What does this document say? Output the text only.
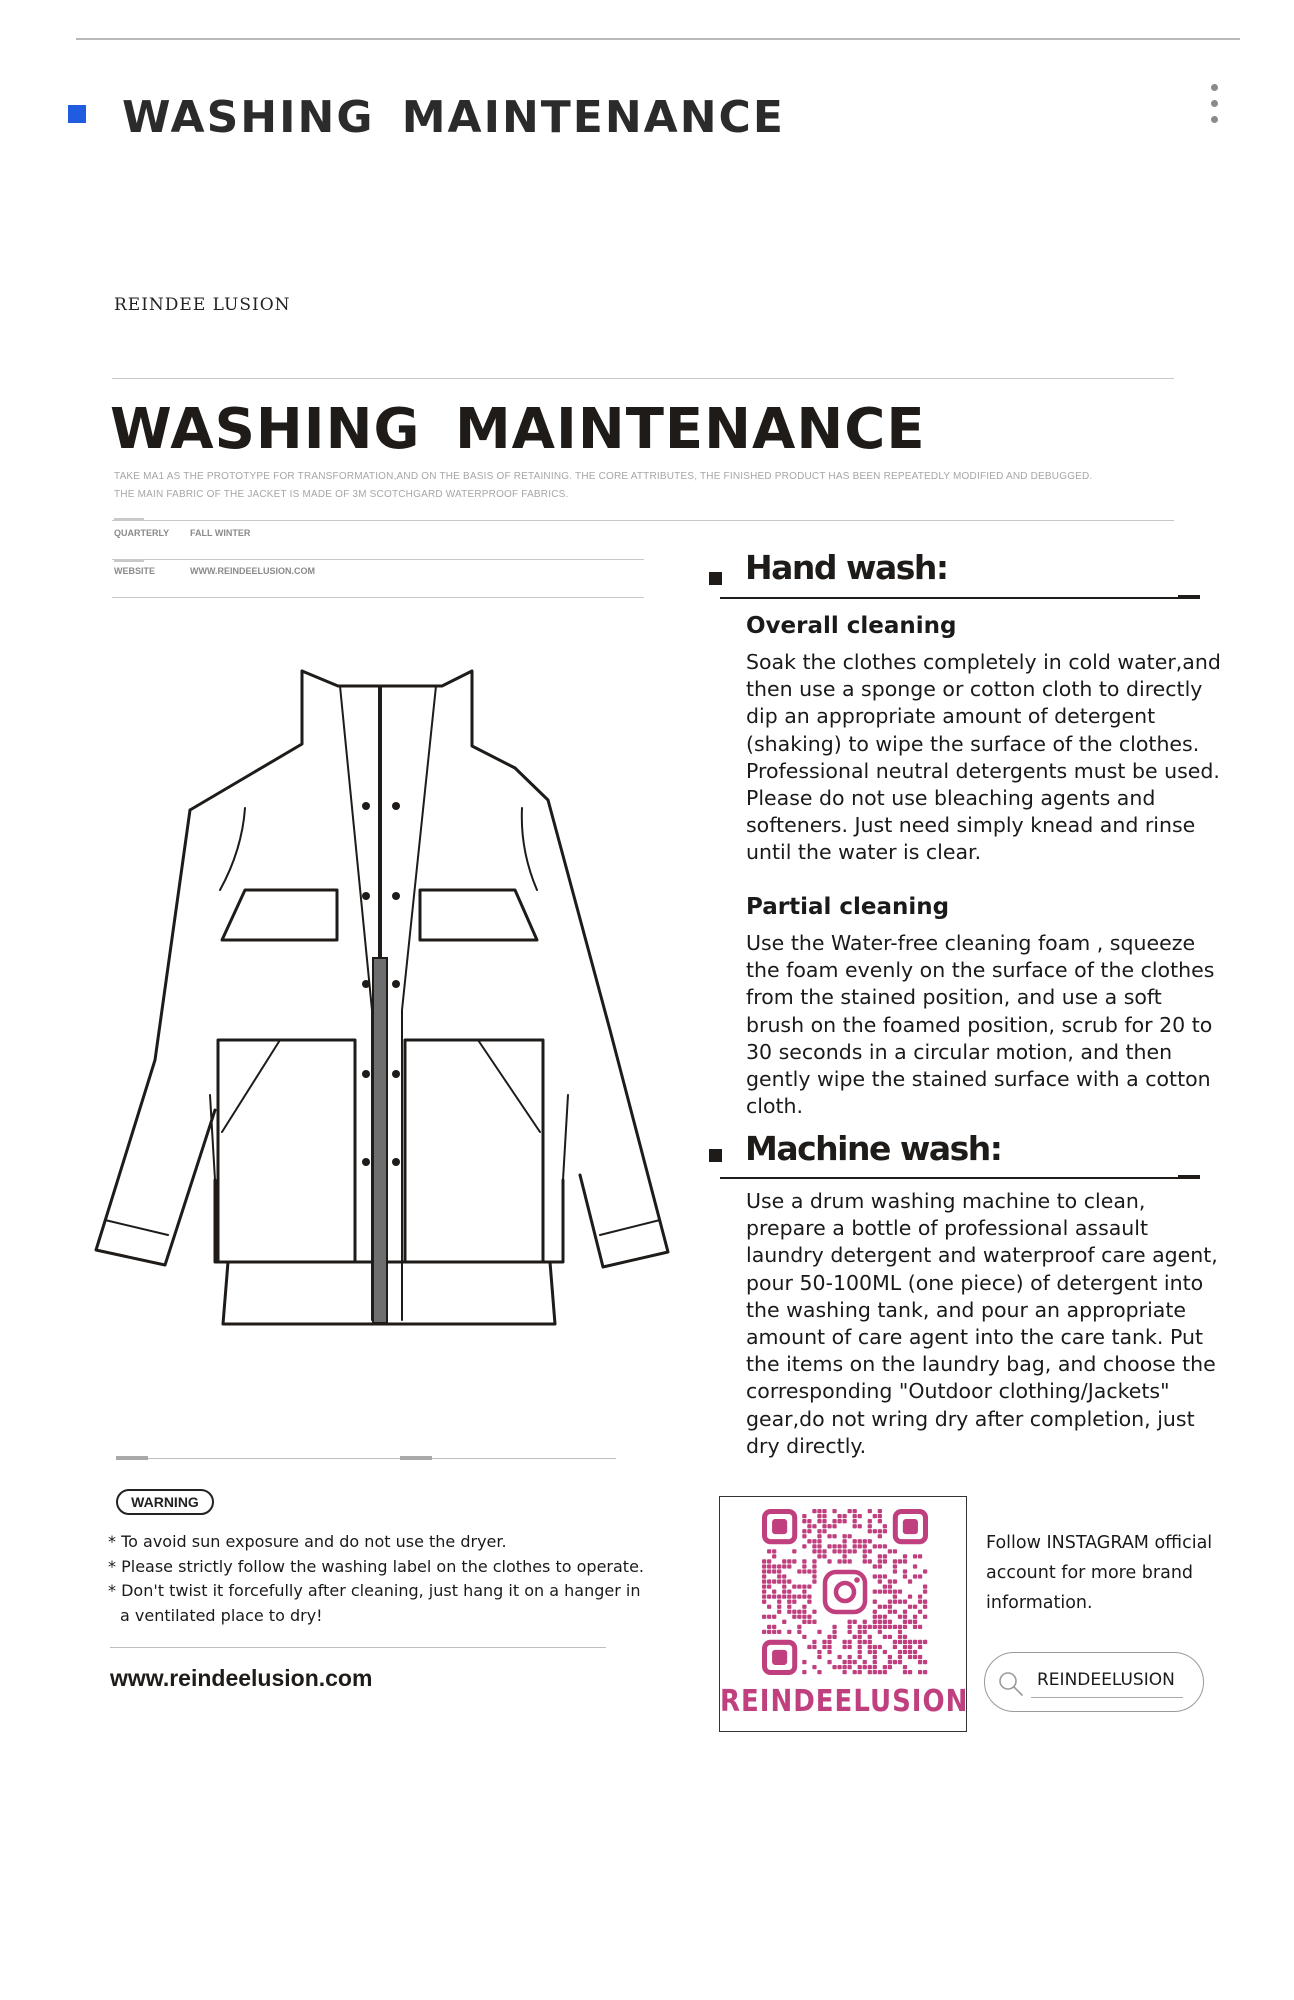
WASHING MAINTENANCE
REINDEE LUSION
WASHING MAINTENANCE
TAKE MA1 AS THE PROTOTYPE FOR TRANSFORMATION,AND ON THE BASIS OF RETAINING. THE CORE ATTRIBUTES, THE FINISHED PRODUCT HAS BEEN REPEATEDLY MODIFIED AND DEBUGGED.
THE MAIN FABRIC OF THE JACKET IS MADE OF 3M SCOTCHGARD WATERPROOF FABRICS.
QUARTERLY FALL WINTER
WEBSITE	WWW.REINDEELUSION.COM	Hand wash:
Overall cleaning
Soak the clothes completely in cold water,and then use a sponge or cotton cloth to directly dip an appropriate amount of detergent (shaking) to wipe the surface of the clothes. Professional neutral detergents must be used. Please do not use bleaching agents and softeners. Just need simply knead and rinse until the water is clear.
Partial cleaning
Use the Water-free cleaning foam , squeeze the foam evenly on the surface of the clothes from the stained position, and use a soft brush on the foamed position, scrub for 20 to 30 seconds in a circular motion, and then gently wipe the stained surface with a cotton cloth.
Machine wash:
Use a drum washing machine to clean, prepare a bottle of professional assault laundry detergent and waterproof care agent, pour 50-100ML (one piece) of detergent into the washing tank, and pour an appropriate amount of care agent into the care tank. Put the items on the laundry bag, and choose the corresponding "Outdoor clothing/Jackets" gear,do not wring dry after completion, just dry directly.
WARNING
* To avoid sun exposure and do not use the dryer.
* Please strictly follow the washing label on the clothes to operate.
* Don't twist it forcefully after cleaning, just hang it on a hanger in a ventilated place to dry!
www.reindeelusion.com
REINDEELUSION
Follow INSTAGRAM official account for more brand information.
REINDEELUSION
